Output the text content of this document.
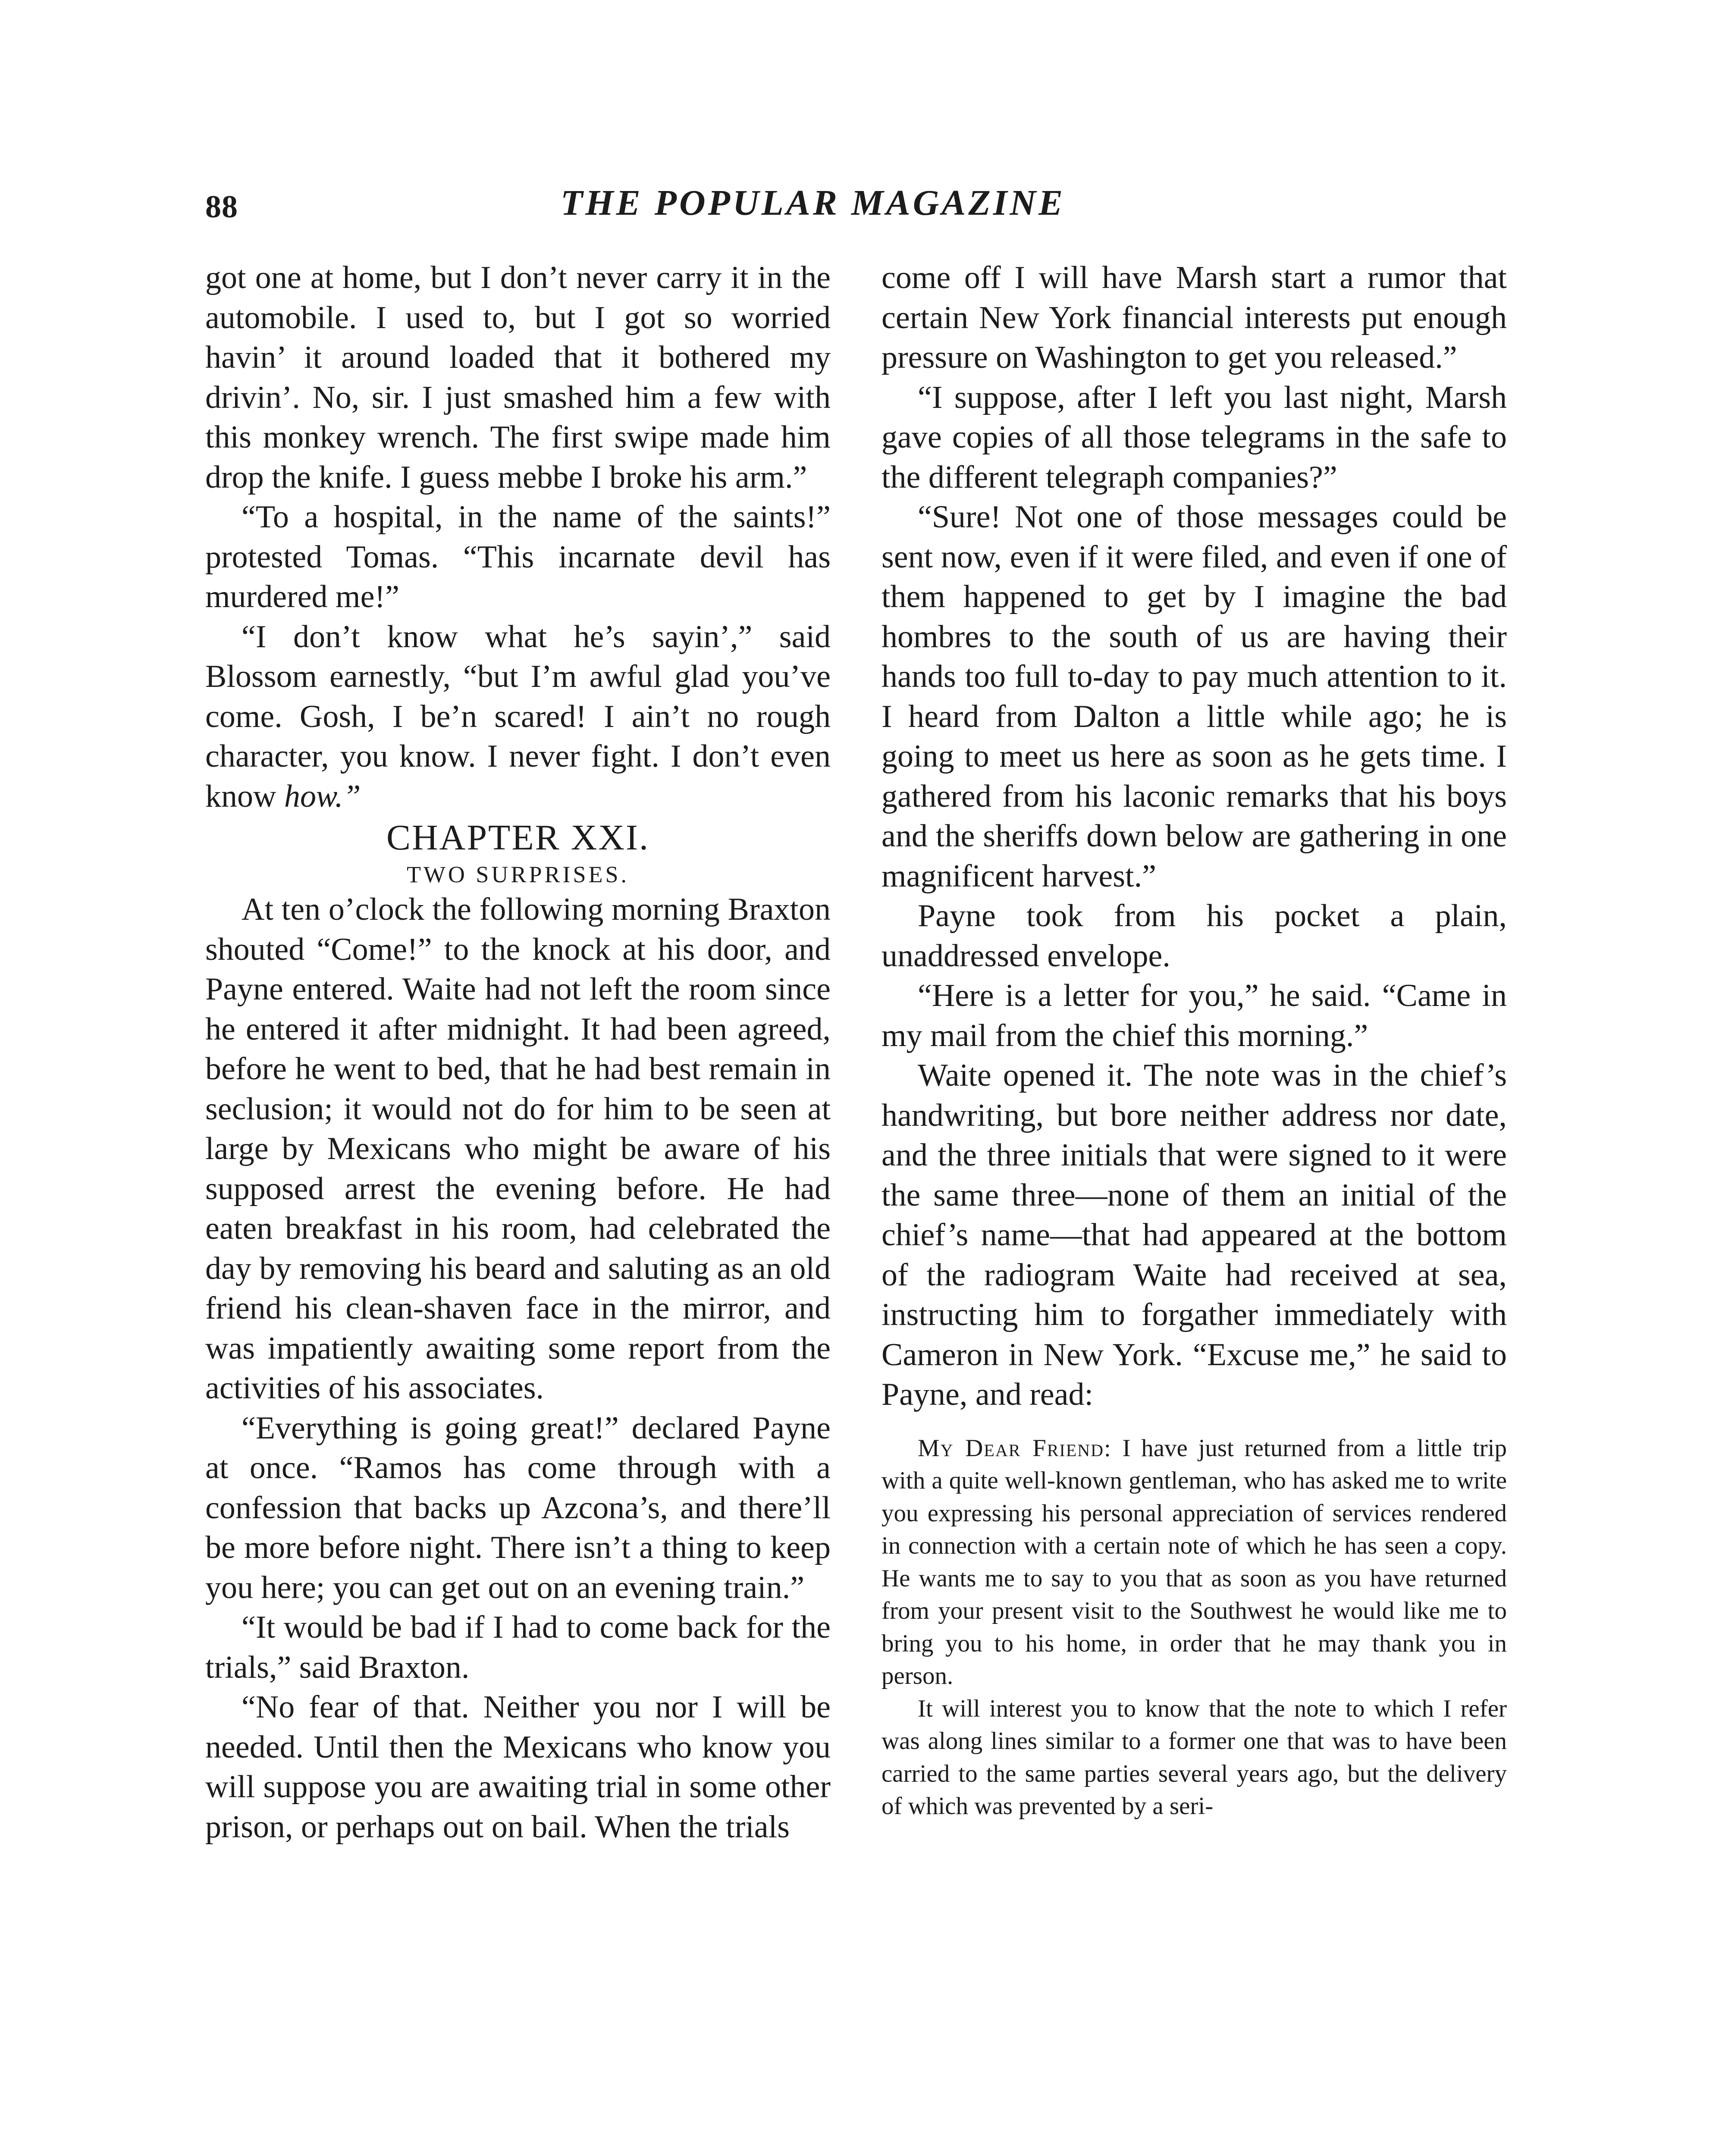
88	THE POPULAR MAGAZINE

got one at home, but I don’t never carry it in the automobile. I used to, but I got so worried havin’ it around loaded that it bothered my drivin’. No, sir. I just smashed him a few with this monkey wrench. The first swipe made him drop the knife. I guess mebbe I broke his arm.”

“To a hospital, in the name of the saints!” protested Tomas. “This incarnate devil has murdered me!”

“I don’t know what he’s sayin’,” said Blossom earnestly, “but I’m awful glad you’ve come. Gosh, I be’n scared! I ain’t no rough character, you know. I never fight. I don’t even know how.”

CHAPTER XXI.

TWO SURPRISES.

At ten o’clock the following morning Braxton shouted “Come!” to the knock at his door, and Payne entered. Waite had not left the room since he entered it after midnight. It had been agreed, before he went to bed, that he had best remain in seclusion; it would not do for him to be seen at large by Mexicans who might be aware of his supposed arrest the evening before. He had eaten breakfast in his room, had celebrated the day by removing his beard and saluting as an old friend his clean-shaven face in the mirror, and was impatiently awaiting some report from the activities of his associates.

“Everything is going great!” declared Payne at once. “Ramos has come through with a confession that backs up Azcona’s, and there’ll be more before night. There isn’t a thing to keep you here; you can get out on an evening train.”

“It would be bad if I had to come back for the trials,” said Braxton.

“No fear of that. Neither you nor I will be needed. Until then the Mexicans who know you will suppose you are awaiting trial in some other prison, or perhaps out on bail. When the trials

come off I will have Marsh start a rumor that certain New York financial interests put enough pressure on Washington to get you released.”

“I suppose, after I left you last night, Marsh gave copies of all those telegrams in the safe to the different telegraph companies?”

“Sure! Not one of those messages could be sent now, even if it were filed, and even if one of them happened to get by I imagine the bad hombres to the south of us are having their hands too full to-day to pay much attention to it. I heard from Dalton a little while ago; he is going to meet us here as soon as he gets time. I gathered from his laconic remarks that his boys and the sheriffs down below are gathering in one magnificent harvest.”

Payne took from his pocket a plain, unaddressed envelope.

“Here is a letter for you,” he said. “Came in my mail from the chief this morning.”

Waite opened it. The note was in the chief’s handwriting, but bore neither address nor date, and the three initials that were signed to it were the same three—none of them an initial of the chief’s name—that had appeared at the bottom of the radiogram Waite had received at sea, instructing him to forgather immediately with Cameron in New York. “Excuse me,” he said to Payne, and read:

My Dear Friend: I have just returned from a little trip with a quite well-known gentleman, who has asked me to write you expressing his personal appreciation of services rendered in connection with a certain note of which he has seen a copy. He wants me to say to you that as soon as you have returned from your present visit to the Southwest he would like me to bring you to his home, in order that he may thank you in person.

It will interest you to know that the note to which I refer was along lines similar to a former one that was to have been carried to the same parties several years ago, but the delivery of which was prevented by a seri-
